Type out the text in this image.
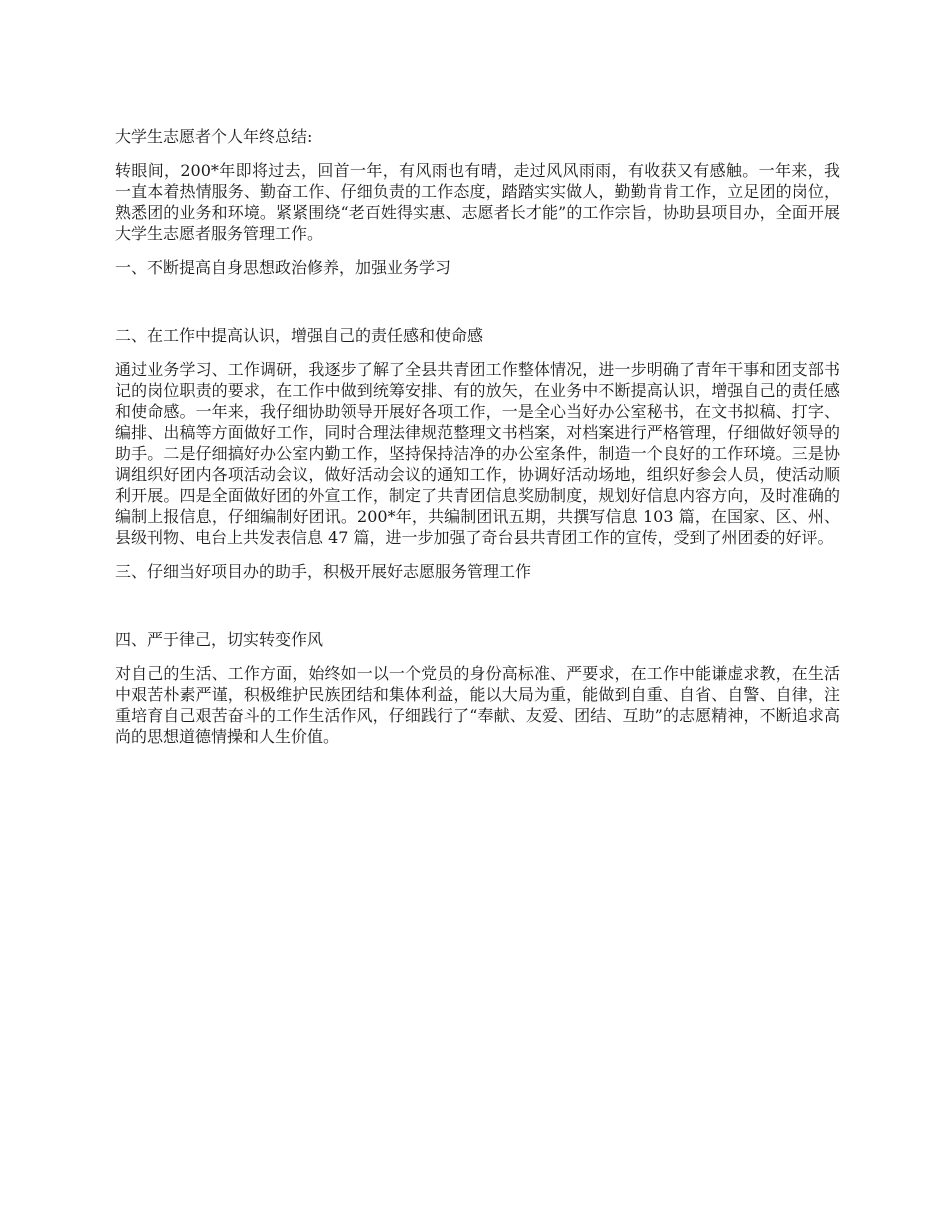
大学生志愿者个人年终总结:

转眼间，200*年即将过去，回首一年，有风雨也有晴，走过风风雨雨，有收获又有感触。一年来，我一直本着热情服务、勤奋工作、仔细负责的工作态度，踏踏实实做人，勤勤肯肯工作，立足团的岗位，熟悉团的业务和环境。紧紧围绕“老百姓得实惠、志愿者长才能”的工作宗旨，协助县项目办，全面开展大学生志愿者服务管理工作。

一、不断提高自身思想政治修养，加强业务学习

二、在工作中提高认识，增强自己的责任感和使命感

通过业务学习、工作调研，我逐步了解了全县共青团工作整体情况，进一步明确了青年干事和团支部书记的岗位职责的要求，在工作中做到统筹安排、有的放矢，在业务中不断提高认识，增强自己的责任感和使命感。一年来，我仔细协助领导开展好各项工作，一是全心当好办公室秘书，在文书拟稿、打字、编排、出稿等方面做好工作，同时合理法律规范整理文书档案，对档案进行严格管理，仔细做好领导的助手。二是仔细搞好办公室内勤工作，坚持保持洁净的办公室条件，制造一个良好的工作环境。三是协调组织好团内各项活动会议，做好活动会议的通知工作，协调好活动场地，组织好参会人员，使活动顺利开展。四是全面做好团的外宣工作，制定了共青团信息奖励制度，规划好信息内容方向，及时准确的编制上报信息，仔细编制好团讯。200*年，共编制团讯五期，共撰写信息 103 篇，在国家、区、州、县级刊物、电台上共发表信息 47 篇，进一步加强了奇台县共青团工作的宣传，受到了州团委的好评。

三、仔细当好项目办的助手，积极开展好志愿服务管理工作

四、严于律己，切实转变作风

对自己的生活、工作方面，始终如一以一个党员的身份高标准、严要求，在工作中能谦虚求教，在生活中艰苦朴素严谨，积极维护民族团结和集体利益，能以大局为重，能做到自重、自省、自警、自律，注重培育自己艰苦奋斗的工作生活作风，仔细践行了“奉献、友爱、团结、互助”的志愿精神，不断追求高尚的思想道德情操和人生价值。
